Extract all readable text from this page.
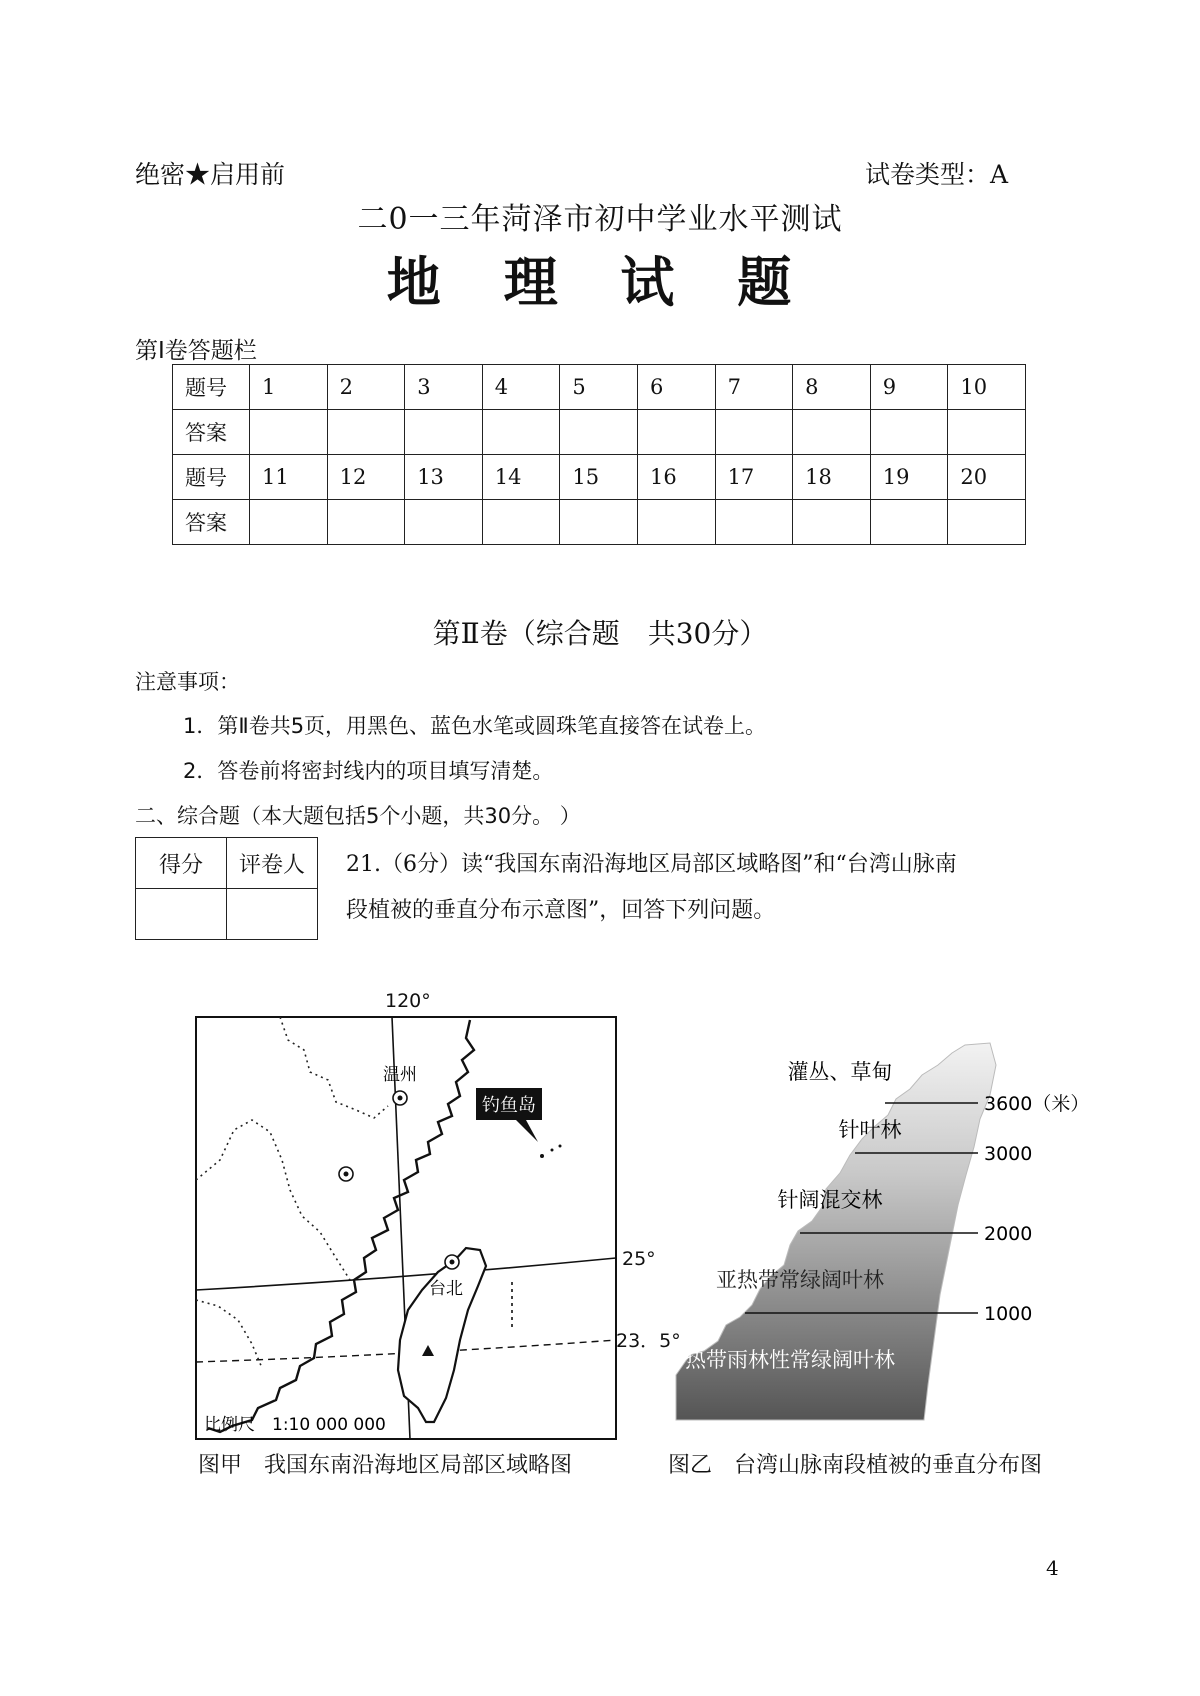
绝密★启用前	试卷类型：A
二0一三年菏泽市初中学业水平测试
地 理 试 题
第Ⅰ卷答题栏
题号	1	2	3	4	5	6	7	8	9	10
答案										
题号	11	12	13	14	15	16	17	18	19	20
答案										
第Ⅱ卷（综合题　共30分）
注意事项：
1．第Ⅱ卷共5页，用黑色、蓝色水笔或圆珠笔直接答在试卷上。
2．答卷前将密封线内的项目填写清楚。
二、综合题（本大题包括5个小题，共30分。 ）
得分	评卷人
	21.（6分）读“我国东南沿海地区局部区域略图”和“台湾山脉南
段植被的垂直分布示意图”，回答下列问题。
120°
钓鱼岛
温州
台北
比例尺　1:10 000 000
25°
23．5°
图甲　我国东南沿海地区局部区域略图
灌丛、草甸
针叶林
针阔混交林
亚热带常绿阔叶林
热带雨林性常绿阔叶林
3600（米）
3000
2000
1000
图乙　台湾山脉南段植被的垂直分布图
4
